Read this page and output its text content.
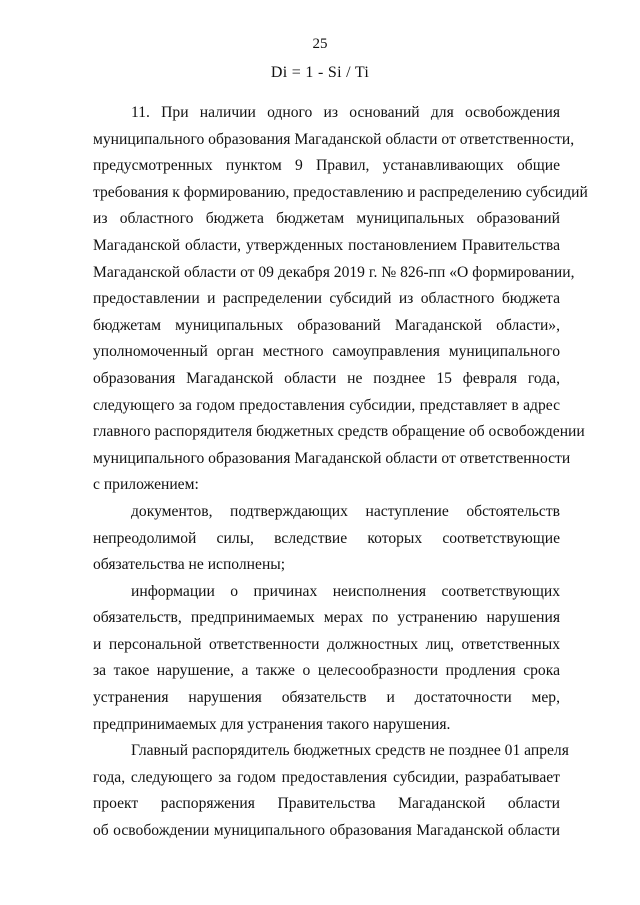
25
Di = 1 - Si / Ti

11. При наличии одного из оснований для освобождения
муниципального образования Магаданской области от ответственности,
предусмотренных пунктом 9 Правил, устанавливающих общие
требования к формированию, предоставлению и распределению субсидий
из областного бюджета бюджетам муниципальных образований
Магаданской области, утвержденных постановлением Правительства
Магаданской области от 09 декабря 2019 г. № 826-пп «О формировании,
предоставлении и распределении субсидий из областного бюджета
бюджетам муниципальных образований Магаданской области»,
уполномоченный орган местного самоуправления муниципального
образования Магаданской области не позднее 15 февраля года,
следующего за годом предоставления субсидии, представляет в адрес
главного распорядителя бюджетных средств обращение об освобождении
муниципального образования Магаданской области от ответственности
с приложением:

документов, подтверждающих наступление обстоятельств
непреодолимой силы, вследствие которых соответствующие
обязательства не исполнены;

информации о причинах неисполнения соответствующих
обязательств, предпринимаемых мерах по устранению нарушения
и персональной ответственности должностных лиц, ответственных
за такое нарушение, а также о целесообразности продления срока
устранения нарушения обязательств и достаточности мер,
предпринимаемых для устранения такого нарушения.

Главный распорядитель бюджетных средств не позднее 01 апреля
года, следующего за годом предоставления субсидии, разрабатывает
проект распоряжения Правительства Магаданской области
об освобождении муниципального образования Магаданской области
